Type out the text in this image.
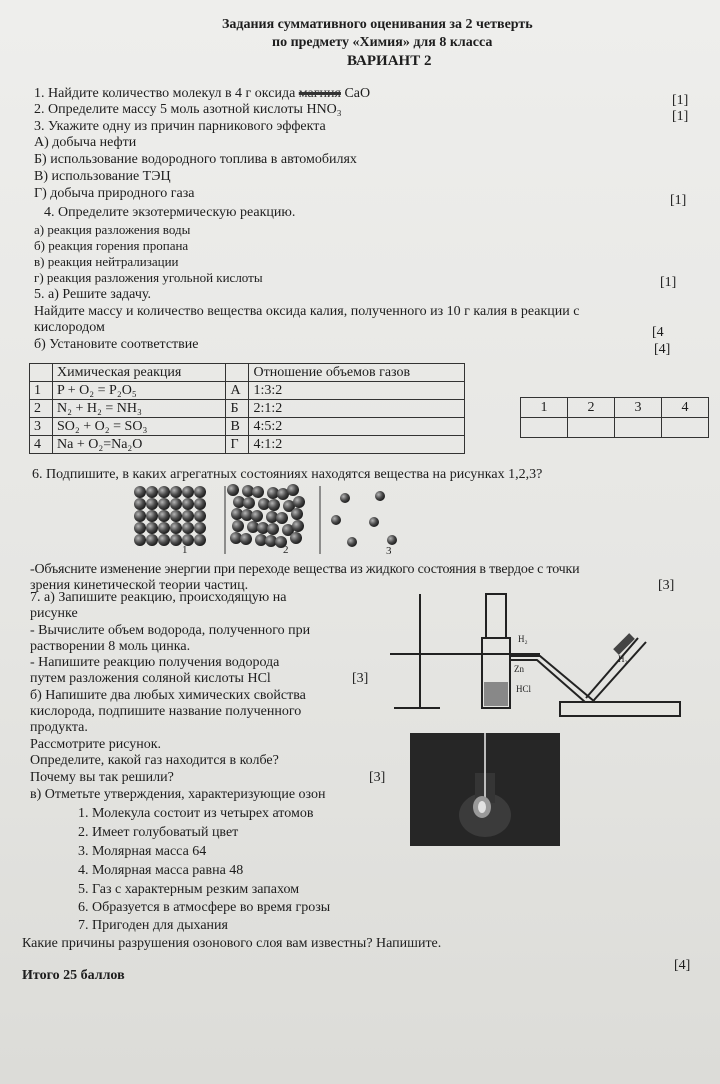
Задания суммативного оценивания за 2 четверть
по предмету «Химия» для 8 класса
ВАРИАНТ 2
1. Найдите количество молекул в 4 г оксида магния CaO	[1]
2. Определите массу 5 моль азотной кислоты HNO₃	[1]
3. Укажите одну из причин парникового эффекта
А) добыча нефти
Б) использование водородного топлива в автомобилях
В) использование ТЭЦ
Г) добыча природного газа	[1]
4. Определите экзотермическую реакцию.
а) реакция разложения воды
б) реакция горения пропана
в) реакция нейтрализации
г) реакция разложения угольной кислоты	[1]
5. а) Решите задачу.
Найдите массу и количество вещества оксида калия, полученного из 10 г калия в реакции с
кислородом	[4
б) Установите соответствие	[4]
	Химическая реакция		Отношение объемов газов
1	P + O₂ = P₂O₅	А	1:3:2
2	N₂ + H₂ = NH₃	Б	2:1:2
3	SO₂ + O₂ = SO₃	В	4:5:2
4	Na + O₂=Na₂O	Г	4:1:2
1	2	3	4

6. Подпишите, в каких агрегатных состояниях находятся вещества на рисунках 1,2,3?
1	2	3
-Объясните изменение энергии при переходе вещества из жидкого состояния в твердое с точки
зрения кинетической теории частиц.	[3]
7. а) Запишите реакцию, происходящую на
рисунке
- Вычислите объем водорода, полученного при
растворении 8 моль цинка.
- Напишите реакцию получения водорода
путем разложения соляной кислоты HCl	[3]
б) Напишите два любых химических свойства
кислорода, подпишите название полученного
продукта.
Рассмотрите рисунок.
Определите, какой газ находится в колбе?
Почему вы так решили?	[3]
в) Отметьте утверждения, характеризующие озон
1. Молекула состоит из четырех атомов
2. Имеет голубоватый цвет
3. Молярная масса 64
4. Молярная масса равна 48
5. Газ с характерным резким запахом
6. Образуется в атмосфере во время грозы
7. Пригоден для дыхания
Какие причины разрушения озонового слоя вам известны? Напишите.
[4]
Итого 25 баллов
H₂
Zn
HCl
H₂
